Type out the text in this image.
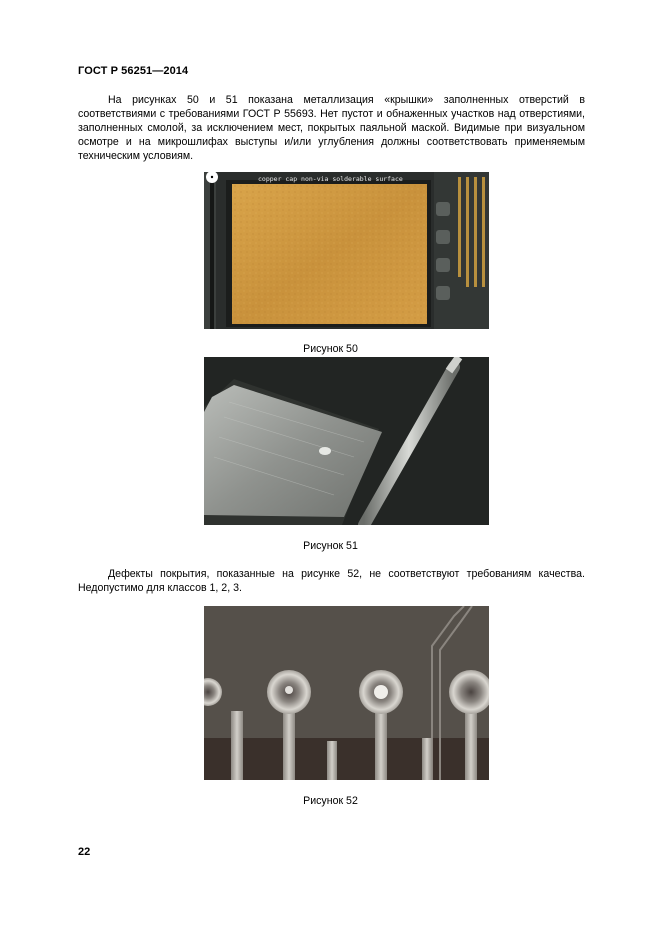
ГОСТ Р 56251—2014

На рисунках 50 и 51 показана металлизация «крышки» заполненных отверстий в соответствиями с требованиями ГОСТ Р 55693. Нет пустот и обнаженных участков над отверстиями, заполненных смолой, за исключением мест, покрытых паяльной маской. Видимые при визуальном осмотре и на микрошлифах выступы и/или углубления должны соответствовать применяемым техническим условиям.

copper cap non-via solderable surface
Рисунок 50
Рисунок 51

Дефекты покрытия, показанные на рисунке 52, не соответствуют требованиям качества. Недопустимо для классов 1, 2, 3.

Рисунок 52
22
